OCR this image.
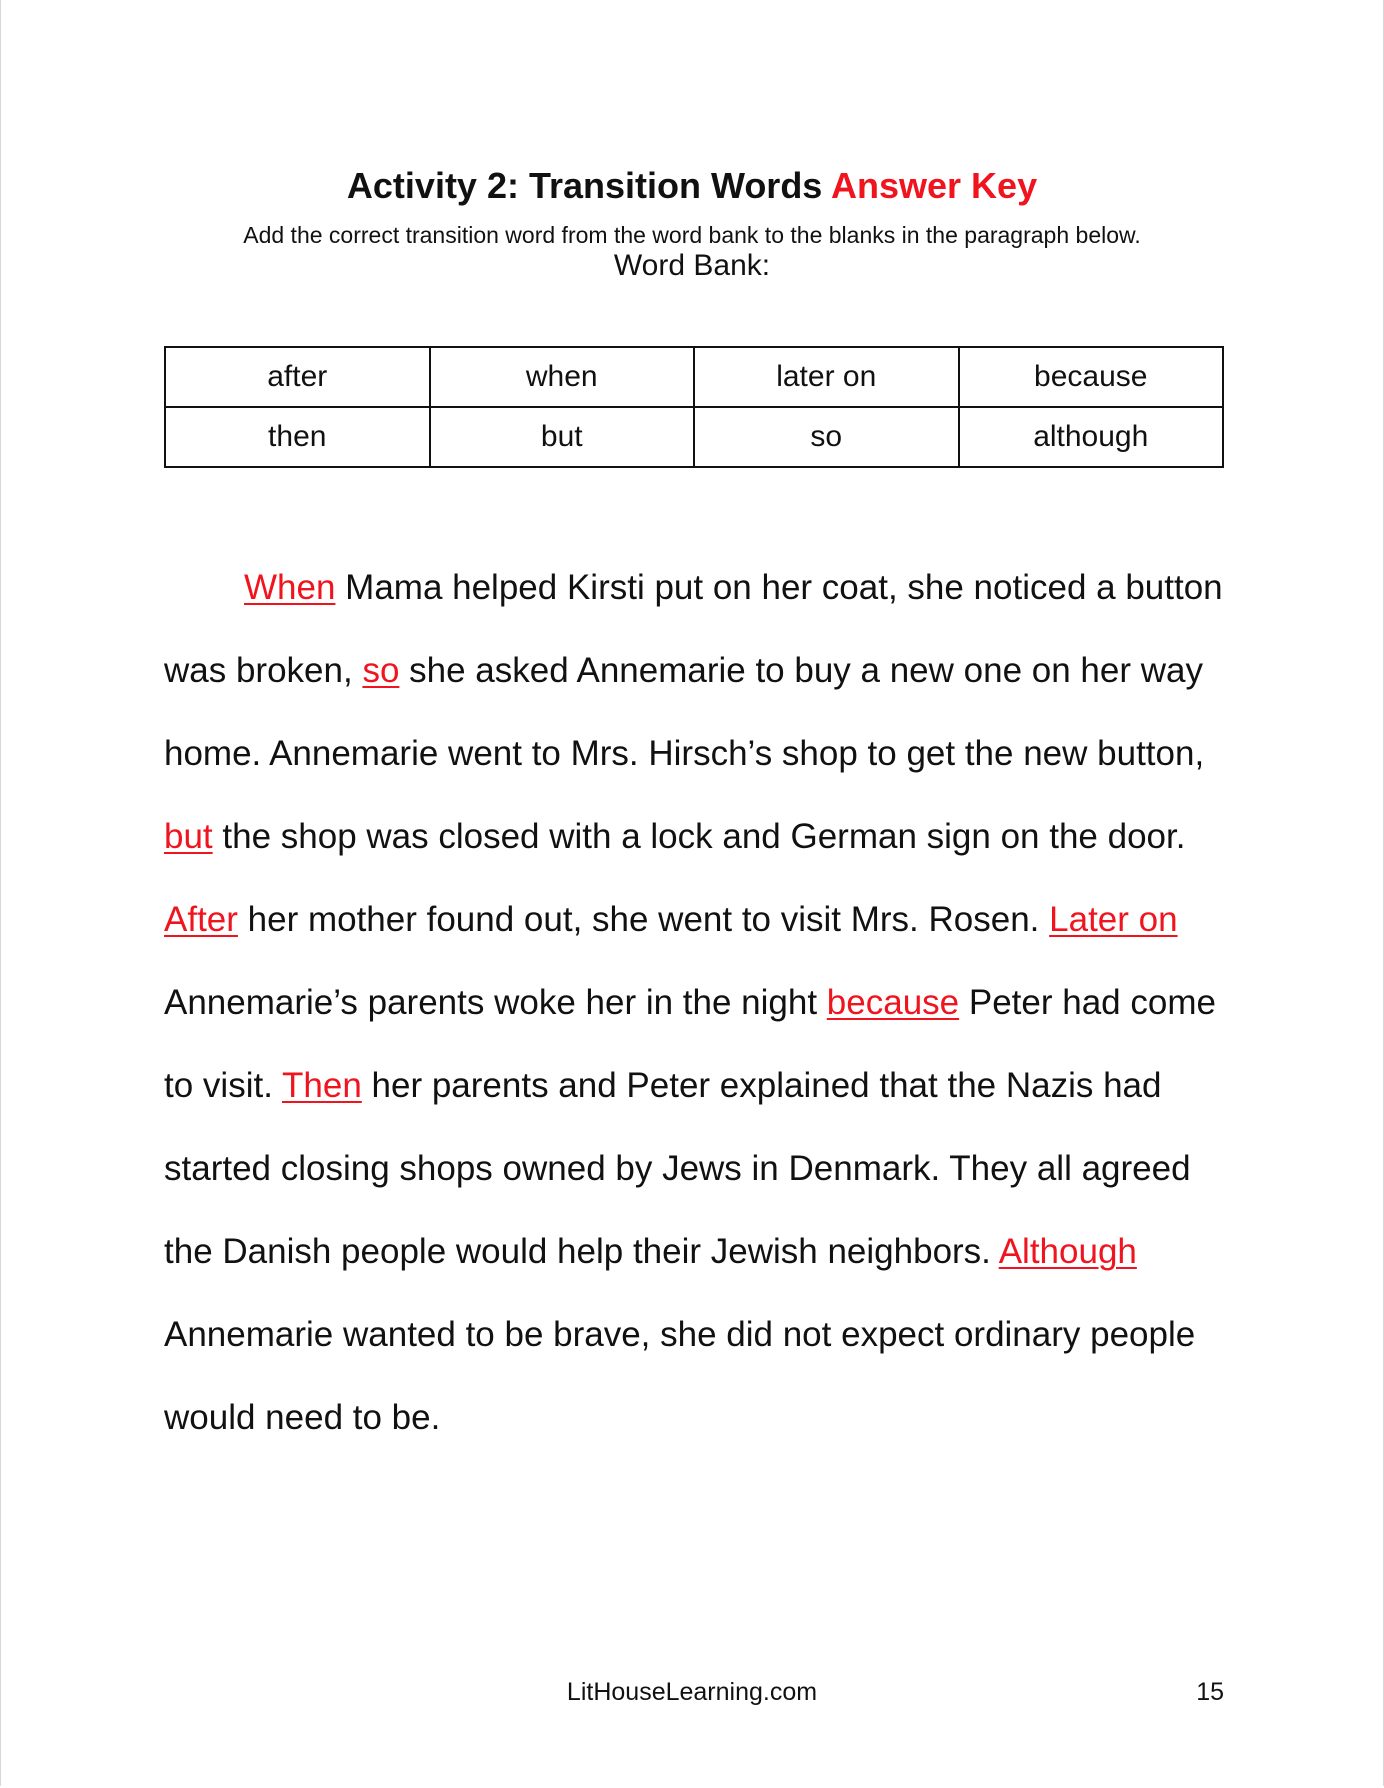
Activity 2: Transition Words Answer Key
Add the correct transition word from the word bank to the blanks in the paragraph below.
Word Bank:
after	when	later on	because
then	but	so	although

When Mama helped Kirsti put on her coat, she noticed a button was broken, so she asked Annemarie to buy a new one on her way home. Annemarie went to Mrs. Hirsch’s shop to get the new button, but the shop was closed with a lock and German sign on the door. After her mother found out, she went to visit Mrs. Rosen. Later on Annemarie’s parents woke her in the night because Peter had come to visit. Then her parents and Peter explained that the Nazis had started closing shops owned by Jews in Denmark. They all agreed the Danish people would help their Jewish neighbors. Although Annemarie wanted to be brave, she did not expect ordinary people would need to be.

LitHouseLearning.com	15
